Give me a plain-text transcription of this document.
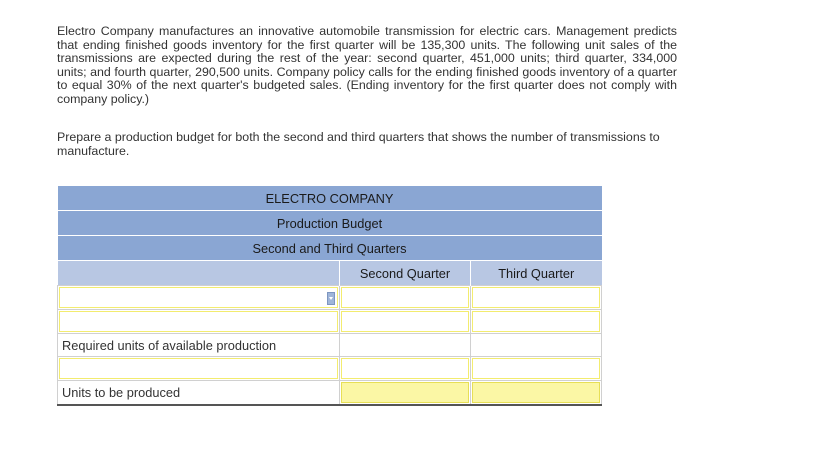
Electro Company manufactures an innovative automobile transmission for electric cars. Management predicts that ending finished goods inventory for the first quarter will be 135,300 units. The following unit sales of the transmissions are expected during the rest of the year: second quarter, 451,000 units; third quarter, 334,000 units; and fourth quarter, 290,500 units. Company policy calls for the ending finished goods inventory of a quarter to equal 30% of the next quarter's budgeted sales. (Ending inventory for the first quarter does not comply with company policy.)

Prepare a production budget for both the second and third quarters that shows the number of transmissions to manufacture.

ELECTRO COMPANY		
Production Budget		
Second and Third Quarters		
	Second Quarter	Third Quarter

Required units of available production		

Units to be produced	
